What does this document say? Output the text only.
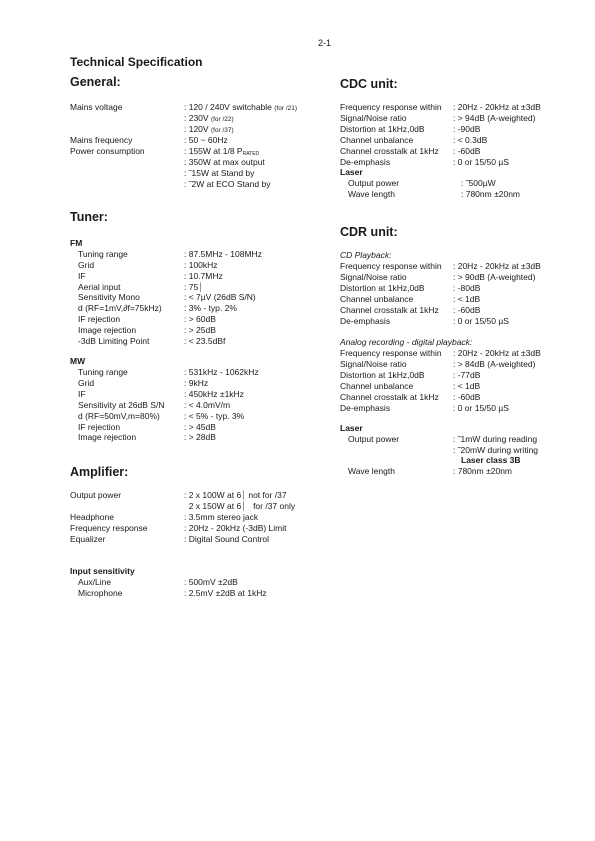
2-1
Technical Specification
General:
Mains voltage	: 120 / 240V switchable (for /21)
: 230V (for /22)
: 120V (for /37)
Mains frequency	: 50 ~ 60Hz
Power consumption	: 155W at 1/8 PRATED
: 350W at max output
: ˜15W at Stand by
: ˜2W at ECO Stand by
Tuner:
FM
Tuning range	: 87.5MHz - 108MHz
Grid	: 100kHz
IF	: 10.7MHz
Aerial input	: 75⏐
Sensitivity Mono	: < 7µV (26dB S/N)
d (RF=1mV,∂f=75kHz)	: 3% - typ. 2%
IF rejection	: > 60dB
Image rejection	: > 25dB
-3dB Limiting Point	: < 23.5dBf
MW
Tuning range	: 531kHz - 1062kHz
Grid	: 9kHz
IF	: 450kHz ±1kHz
Sensitivity at 26dB S/N : < 4.0mV/m
d (RF=50mV,m=80%)	: < 5% - typ. 3%
IF rejection	: > 45dB
Image rejection	: > 28dB
Amplifier:
Output power	: 2 x 100W at 6⏐ not for /37
2 x 150W at 6⏐   for /37 only
Headphone	: 3.5mm stereo jack
Frequency response	: 20Hz - 20kHz (-3dB) Limit
Equalizer	: Digital Sound Control
Input sensitivity
Aux/Line	: 500mV ±2dB
Microphone	: 2.5mV ±2dB at 1kHz
CDC unit:
Frequency response within : 20Hz - 20kHz at ±3dB
Signal/Noise ratio	: > 94dB (A-weighted)
Distortion at 1kHz,0dB	: -90dB
Channel unbalance	: < 0.3dB
Channel crosstalk at 1kHz : -60dB
De-emphasis	: 0 or 15/50 µS
Laser
Output power	: ˜500µW
Wave length	: 780nm ±20nm
CDR unit:
CD Playback:
Frequency response within : 20Hz - 20kHz at ±3dB
Signal/Noise ratio	: > 90dB (A-weighted)
Distortion at 1kHz,0dB	: -80dB
Channel unbalance	: < 1dB
Channel crosstalk at 1kHz : -60dB
De-emphasis	: 0 or 15/50 µS
Analog recording - digital playback:
Frequency response within : 20Hz - 20kHz at ±3dB
Signal/Noise ratio	: > 84dB (A-weighted)
Distortion at 1kHz,0dB	: -77dB
Channel unbalance	: < 1dB
Channel crosstalk at 1kHz : -60dB
De-emphasis	: 0 or 15/50 µS
Laser
Output power	: ˜1mW during reading
: ˜20mW during writing
Laser class 3B
Wave length	: 780nm ±20nm
